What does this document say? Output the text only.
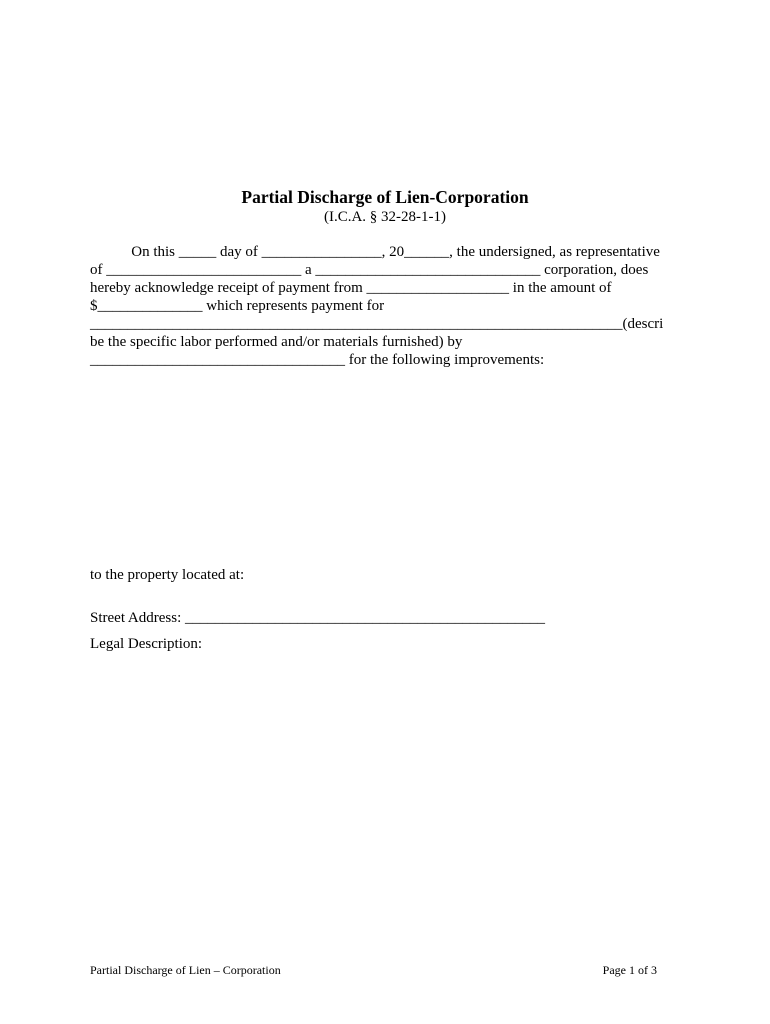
Partial Discharge of Lien-Corporation
(I.C.A. § 32-28-1-1)
On this _____ day of ________________, 20______, the undersigned, as representative
of __________________________ a ______________________________ corporation, does
hereby acknowledge receipt of payment from ___________________ in the amount of
$______________ which represents payment for
_______________________________________________________________________(descri
be the specific labor performed and/or materials furnished) by
__________________________________ for the following improvements:
to the property located at:
Street Address: ________________________________________________
Legal Description:
Partial Discharge of Lien – Corporation	Page 1 of 3
